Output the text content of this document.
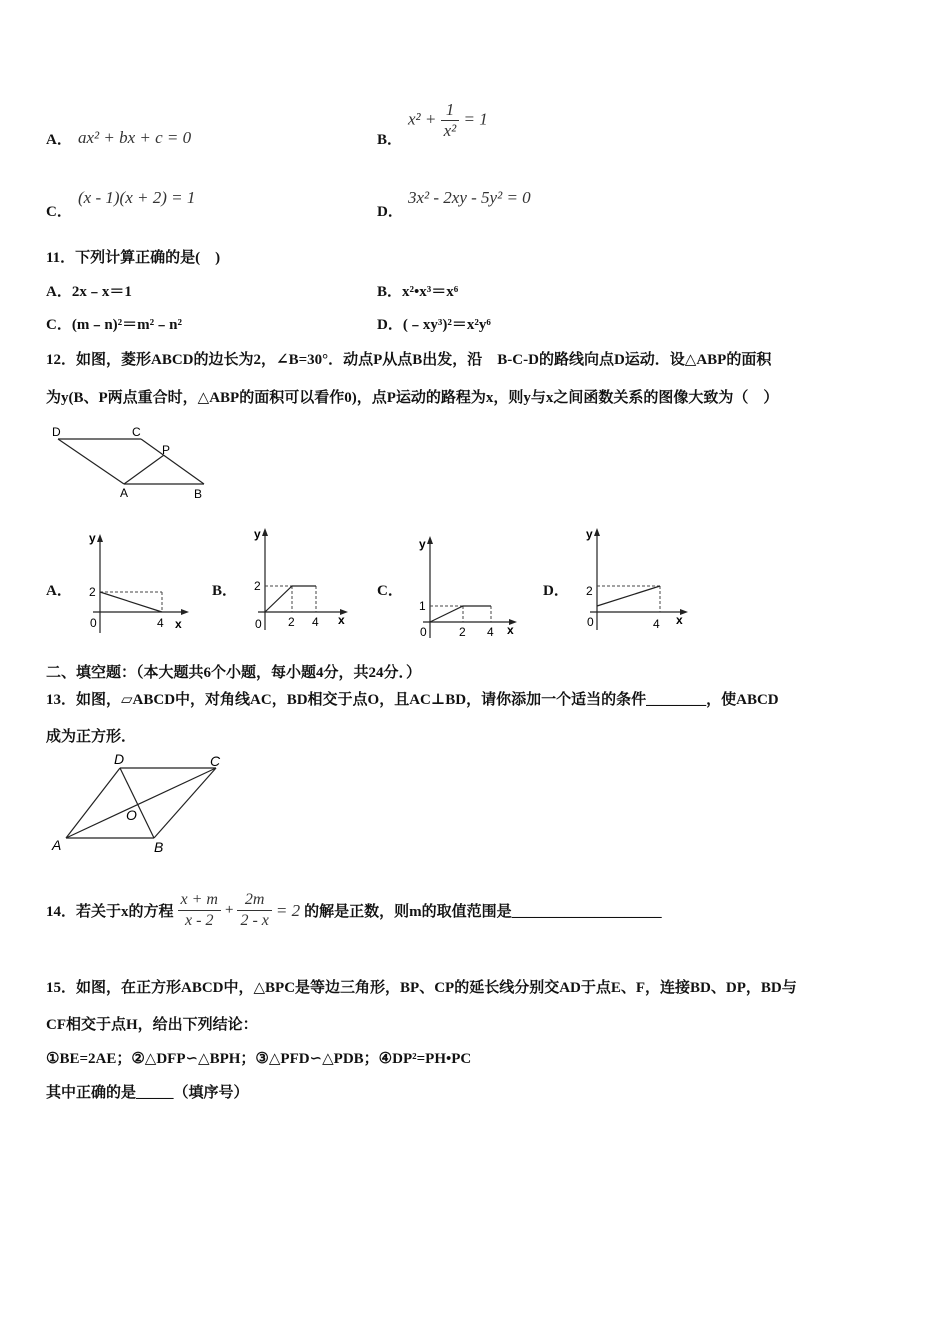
A． ax² + bx + c = 0	B．
$x^2 + \frac{1}{\text{x²}} = 1$
C．
(x - 1)(x + 2) = 1
D．
3x² - 2xy - 5y² = 0
11．下列计算正确的是(　)
A．2x﹣x＝1	B．x²•x³＝x⁶
C．(m﹣n)²＝m²﹣n²	D．(﹣xy³)²＝x²y⁶
12．如图，菱形ABCD的边长为2，∠B=30°．动点P从点B出发，沿　B-C-D的路线向点D运动．设△ABP的面积
为y(B、P两点重合时，△ABP的面积可以看作0)，点P运动的路程为x，则y与x之间函数关系的图像大致为（　）
D	C
P
A	B
A．
y
x
0
2
4
B．
y
x
0
2
2 4
C．
y
x
0
1
2 4
D．
y
x
0
2
4
二、填空题：（本大题共6个小题，每小题4分，共24分．）
13．如图，▱ABCD中，对角线AC，BD相交于点O，且AC⊥BD，请你添加一个适当的条件________，使ABCD
成为正方形．
D	C
O
A	B
14．若关于x的方程 $\frac{x + m}{x - 2} + \frac{2m}{2 - x} = 2$ 的解是正数，则m的取值范围是____________________
15．如图，在正方形ABCD中，△BPC是等边三角形，BP、CP的延长线分别交AD于点E、F，连接BD、DP，BD与
CF相交于点H，给出下列结论：
①BE=2AE；②△DFP∽△BPH；③△PFD∽△PDB；④DP²=PH•PC
其中正确的是_____（填序号）
